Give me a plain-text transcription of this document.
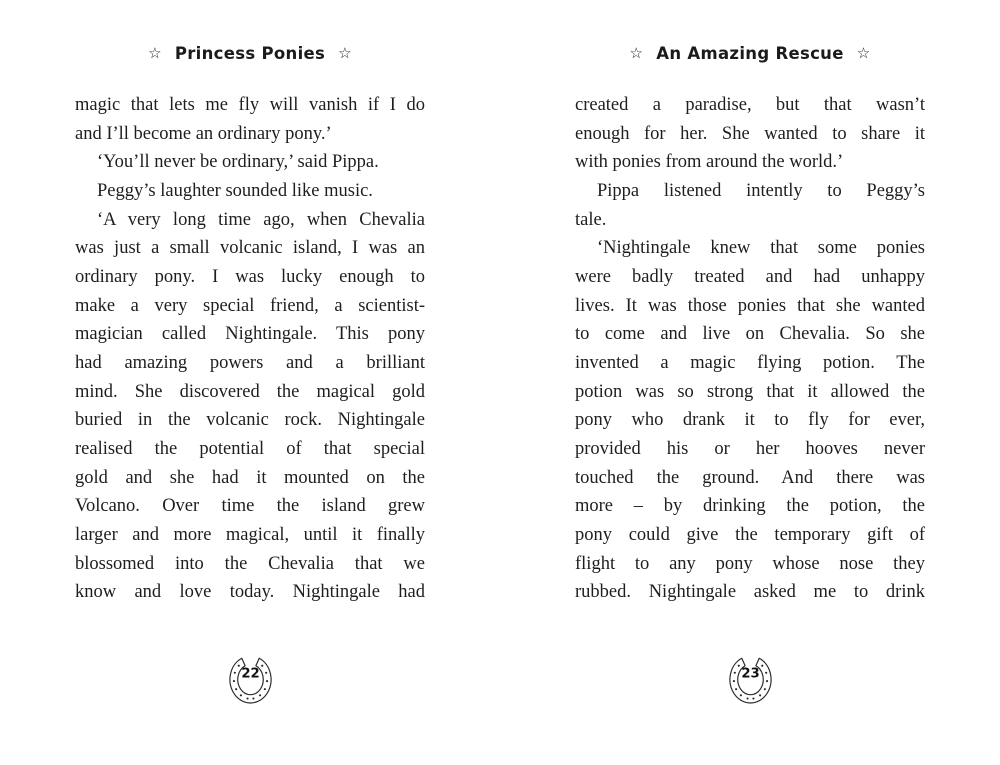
☆ Princess Ponies ☆

magic that lets me fly will vanish if I do

and I’ll become an ordinary pony.’

‘You’ll never be ordinary,’ said Pippa.

Peggy’s laughter sounded like music.

‘A very long time ago, when Chevalia

was just a small volcanic island, I was an

ordinary pony. I was lucky enough to

make a very special friend, a scientist-

magician called Nightingale. This pony

had amazing powers and a brilliant

mind. She discovered the magical gold

buried in the volcanic rock. Nightingale

realised the potential of that special

gold and she had it mounted on the

Volcano. Over time the island grew

larger and more magical, until it finally

blossomed into the Chevalia that we

know and love today. Nightingale had

22
☆ An Amazing Rescue ☆

created a paradise, but that wasn’t

enough for her. She wanted to share it

with ponies from around the world.’

Pippa listened intently to Peggy’s

tale.

‘Nightingale knew that some ponies

were badly treated and had unhappy

lives. It was those ponies that she wanted

to come and live on Chevalia. So she

invented a magic flying potion. The

potion was so strong that it allowed the

pony who drank it to fly for ever,

provided his or her hooves never

touched the ground. And there was

more – by drinking the potion, the

pony could give the temporary gift of

flight to any pony whose nose they

rubbed. Nightingale asked me to drink

23
